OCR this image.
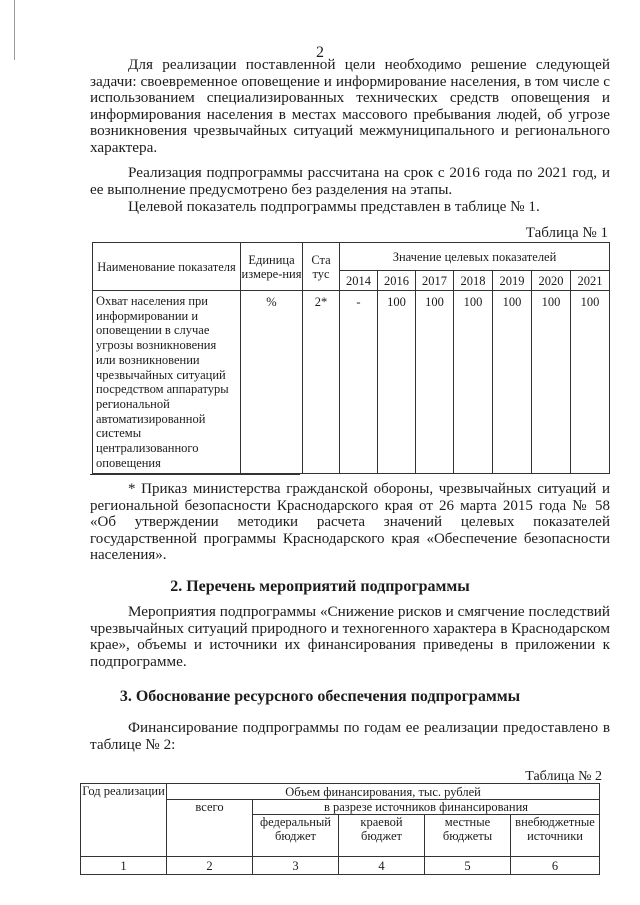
2

Для реализации поставленной цели необходимо решение следующей задачи: своевременное оповещение и информирование населения, в том числе с использованием специализированных технических средств оповещения и информирования населения в местах массового пребывания людей, об угрозе возникновения чрезвычайных ситуаций межмуниципального и регионального характера.

Реализация подпрограммы рассчитана на срок с 2016 года по 2021 год, и ее выполнение предусмотрено без разделения на этапы.

Целевой показатель подпрограммы представлен в таблице № 1.

Таблица № 1
Наименование показателя	Единица измере-ния	Ста тус	Значение целевых показателей						
			2014	2016	2017	2018	2019	2020	2021
Охват населения при информировании и оповещении в случае угрозы возникновения или возникновении чрезвычайных ситуаций посредством аппаратуры региональной автоматизированной системы централизованного оповещения	%	2*	-	100	100	100	100	100	100

* Приказ министерства гражданской обороны, чрезвычайных ситуаций и региональной безопасности Краснодарского края от 26 марта 2015 года № 58 «Об утверждении методики расчета значений целевых показателей государственной программы Краснодарского края «Обеспечение безопасности населения».

2. Перечень мероприятий подпрограммы

Мероприятия подпрограммы «Снижение рисков и смягчение последствий чрезвычайных ситуаций природного и техногенного характера в Краснодарском крае», объемы и источники их финансирования приведены в приложении к подпрограмме.

3. Обоснование ресурсного обеспечения подпрограммы

Финансирование подпрограммы по годам ее реализации предоставлено в таблице № 2:

Таблица № 2
Год реализации	Объем финансирования, тыс. рублей				
	всего	в разрезе источников финансирования			
		федеральный бюджет	краевой бюджет	местные бюджеты	внебюджетные источники
1	2	3	4	5	6
